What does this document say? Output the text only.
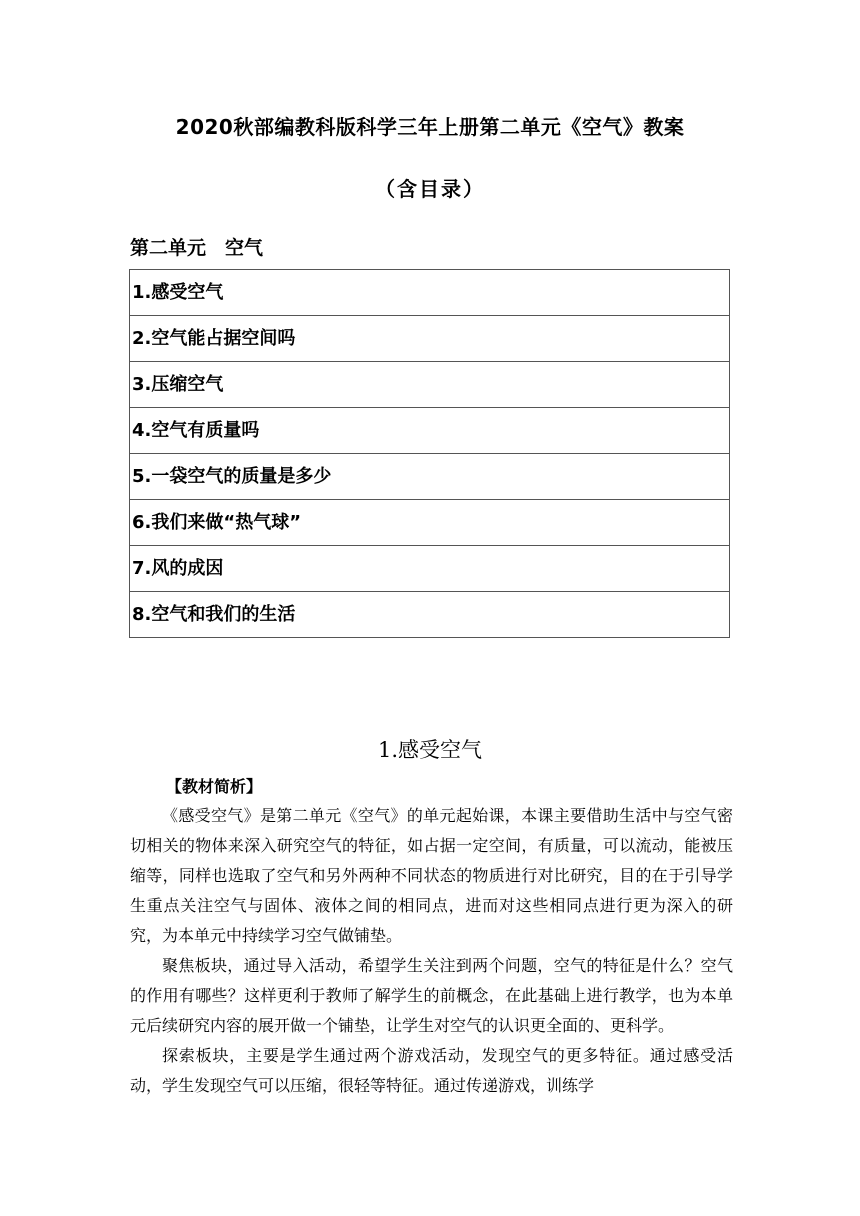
2020秋部编教科版科学三年上册第二单元《空气》教案
（含目录）
第二单元　空气
1.感受空气
2.空气能占据空间吗
3.压缩空气
4.空气有质量吗
5.一袋空气的质量是多少
6.我们来做“热气球”
7.风的成因
8.空气和我们的生活
1.感受空气
【教材简析】

《感受空气》是第二单元《空气》的单元起始课，本课主要借助生活中与空气密切相关的物体来深入研究空气的特征，如占据一定空间，有质量，可以流动，能被压缩等，同样也选取了空气和另外两种不同状态的物质进行对比研究，目的在于引导学生重点关注空气与固体、液体之间的相同点，进而对这些相同点进行更为深入的研究，为本单元中持续学习空气做铺垫。

聚焦板块，通过导入活动，希望学生关注到两个问题，空气的特征是什么？空气的作用有哪些？这样更利于教师了解学生的前概念，在此基础上进行教学，也为本单元后续研究内容的展开做一个铺垫，让学生对空气的认识更全面的、更科学。

探索板块，主要是学生通过两个游戏活动，发现空气的更多特征。通过感受活动，学生发现空气可以压缩，很轻等特征。通过传递游戏，训练学
